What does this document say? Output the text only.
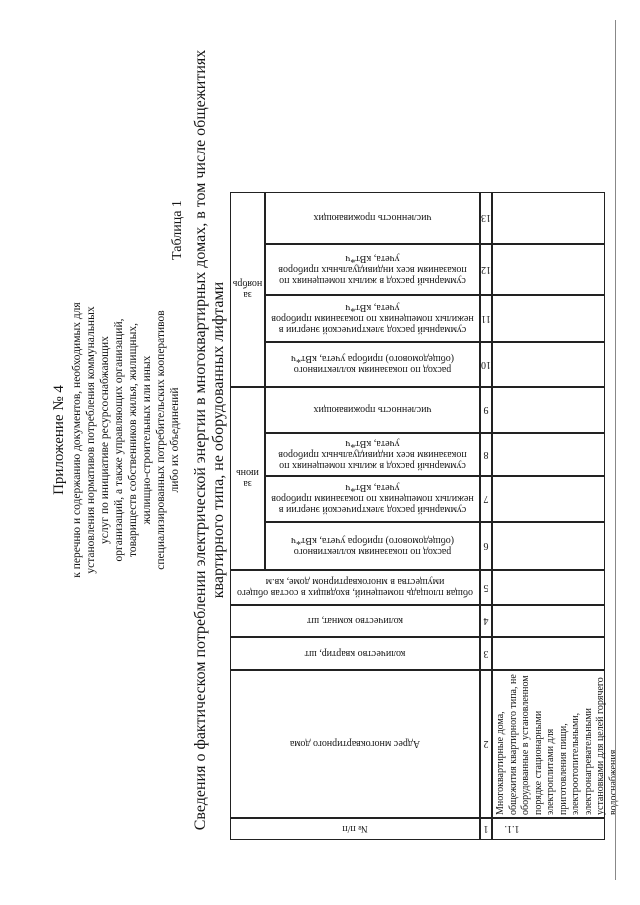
Приложение № 4 к перечню и содержанию документов, необходимых для установления нормативов потребления коммунальных услуг по инициативе ресурсоснабжающих организаций, а также управляющих организаций, товариществ собственников жилья, жилищных, жилищно-строительных или иных специализированных потребительских кооперативов либо их объединений
Таблица 1 Сведения о фактическом потреблении электрической энергии в многоквартирных домах, в том числе общежитиях квартирного типа, не оборудованных лифтами
№ п/п
Адрес многоквартирного дома
количество квартир, шт
количество комнат, шт
общая площадь помещений, входящих в состав общего имущества в многоквартирном доме, кв.м
за июнь
за ноябрь
расход по показаниям коллективного (общедомового) прибора учета, кВт*ч
суммарный расход электрической энергии в нежилых помещениях по показаниям приборов учета, кВт*ч
суммарный расход в жилых помещениях по показаниям всех индивидуальных приборов учета, кВт*ч
численность проживающих
расход по показаниям коллективного (общедомового) прибора учета, кВт*ч
суммарный расход электрической энергии в нежилых помещениях по показаниям приборов учета, кВт*ч
суммарный расход в жилых помещениях по показаниям всех индивидуальных приборов учета, кВт*ч
численность проживающих
1
2
3
4
5
6
7
8
9
10
11
12
13
1.1.
Многоквартирные дома, общежития квартирного типа, не оборудованные в установленном порядке стационарными электроплитами для приготовления пищи, электроотопительными, электронагревательными установками для целей горячего водоснабжения
